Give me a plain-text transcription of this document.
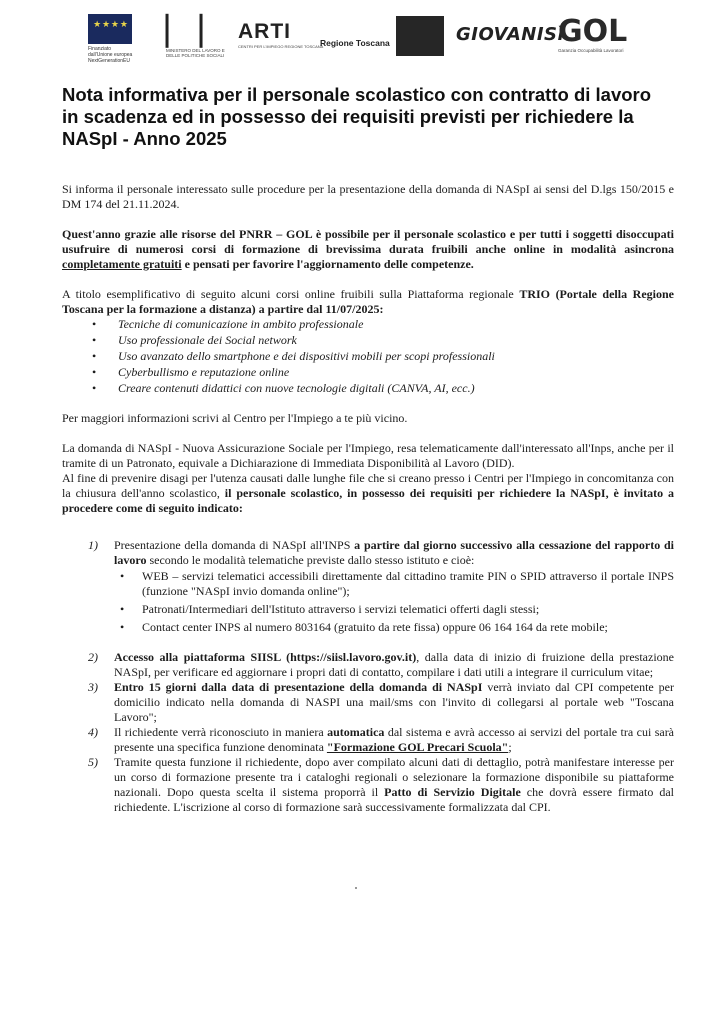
★ ★ ★ ★
Finanziato dall'Unione europea NextGenerationEU
⎸⎸
MINISTERO DEL LAVORO E DELLE POLITICHE SOCIALI
ARTI
CENTRI PER L'IMPIEGO REGIONE TOSCANA
Regione Toscana	GIOVANISì
GOL
Garanzia Occupabilità Lavoratori
Nota informativa per il personale scolastico con contratto di lavoro in scadenza ed in possesso dei requisiti previsti per richiedere la NASpI - Anno 2025

Si informa il personale interessato sulle procedure per la presentazione della domanda di NASpI ai sensi del D.lgs 150/2015 e DM 174 del 21.11.2024.

Quest'anno grazie alle risorse del PNRR – GOL è possibile per il personale scolastico e per tutti i soggetti disoccupati usufruire di numerosi corsi di formazione di brevissima durata fruibili anche online in modalità asincrona completamente gratuiti e pensati per favorire l'aggiornamento delle competenze.

A titolo esemplificativo di seguito alcuni corsi online fruibili sulla Piattaforma regionale TRIO (Portale della Regione Toscana per la formazione a distanza) a partire dal 11/07/2025:

• Tecniche di comunicazione in ambito professionale
• Uso professionale dei Social network
• Uso avanzato dello smartphone e dei dispositivi mobili per scopi professionali
• Cyberbullismo e reputazione online
• Creare contenuti didattici con nuove tecnologie digitali (CANVA, AI, ecc.)

Per maggiori informazioni scrivi al Centro per l'Impiego a te più vicino.

La domanda di NASpI - Nuova Assicurazione Sociale per l'Impiego, resa telematicamente dall'interessato all'Inps, anche per il tramite di un Patronato, equivale a Dichiarazione di Immediata Disponibilità al Lavoro (DID).
Al fine di prevenire disagi per l'utenza causati dalle lunghe file che si creano presso i Centri per l'Impiego in concomitanza con la chiusura dell'anno scolastico, il personale scolastico, in possesso dei requisiti per richiedere la NASpI, è invitato a procedere come di seguito indicato:

1) Presentazione della domanda di NASpI all'INPS a partire dal giorno successivo alla cessazione del rapporto di lavoro secondo le modalità telematiche previste dallo stesso istituto e cioè:
• WEB – servizi telematici accessibili direttamente dal cittadino tramite PIN o SPID attraverso il portale INPS (funzione "NASpI invio domanda online");
• Patronati/Intermediari dell'Istituto attraverso i servizi telematici offerti dagli stessi;
• Contact center INPS al numero 803164 (gratuito da rete fissa) oppure 06 164 164 da rete mobile;
2) Accesso alla piattaforma SIISL (https://siisl.lavoro.gov.it), dalla data di inizio di fruizione della prestazione NASpI, per verificare ed aggiornare i propri dati di contatto, compilare i dati utili a integrare il curriculum vitae;
3) Entro 15 giorni dalla data di presentazione della domanda di NASpI verrà inviato dal CPI competente per domicilio indicato nella domanda di NASPI una mail/sms con l'invito di collegarsi al portale web "Toscana Lavoro";
4) Il richiedente verrà riconosciuto in maniera automatica dal sistema e avrà accesso ai servizi del portale tra cui sarà presente una specifica funzione denominata "Formazione GOL Precari Scuola";
5) Tramite questa funzione il richiedente, dopo aver compilato alcuni dati di dettaglio, potrà manifestare interesse per un corso di formazione presente tra i cataloghi regionali o selezionare la formazione disponibile su piattaforme nazionali. Dopo questa scelta il sistema proporrà il Patto di Servizio Digitale che dovrà essere firmato dal richiedente. L'iscrizione al corso di formazione sarà successivamente formalizzata dal CPI.
